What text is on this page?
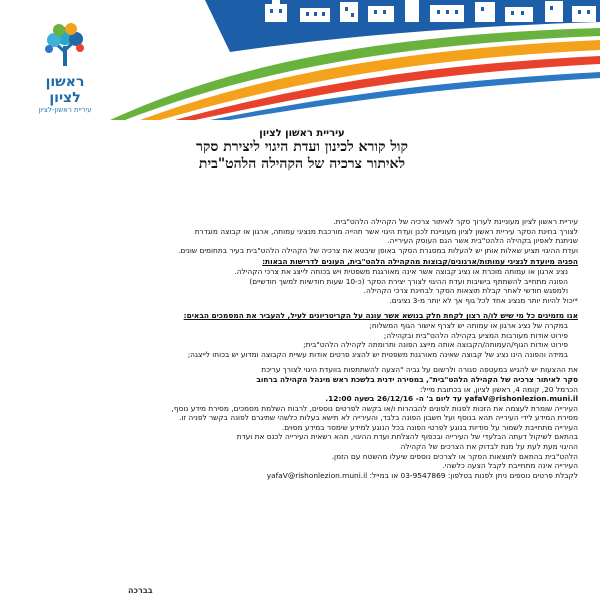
ראשון לציון
עיריית ראשון-לציון
עיריית ראשון לציון
קול קורא לכינון ועדת היגוי ליצירת סקר
לאיתור צרכיה של הקהילה הלהט"בית

עיריית ראשון לציון מעוניינת לערוך סקר לאיתור צרכיה של הקהילה הלהט"בית.

לצורך בחינת הסקר עיריית ראשון לציון מעוניינת לכנן ועדת היגוי אשר תהייה מורכבת מנציגי עמותה, ארגון או קבוצה מוגדרת

שניתנת לאפיון בקהילה הלהט"בית אשר הגם העוסק העירייה.

ועדת ההיגוי תציע שאלות אותן יש להעלות במסגרת הסקר באופן שיבטא את צרכיה של הקהילה הלהט"בית בעיר בתחומים שונים.

הפניה מיועדת לנציגי עמותות/ארגונים/קבוצות מהקהילה הלהט"בית, העונים לדרישות הבאות:

• נציג ארגון או עמותה מוכרת או נציג קבוצה אשר אינה מאורגנת משפטית ויש בכוחה לייצג את צרכי הקהילה.
• הפונה מתחייב להשתתף בישיבות ועדת ההיגוי לצורך יצירת הסקר (כ-10 שעות חודשיות למשך חודשיים)
• ולמפגש חודשי לאחר קבלת תוצאות הסקר לבחינת צרכי הקהילה.

*יכול להיות יותר מנציג אחד לכל גוף אך לא יותר מ-3 נציגים.

אנו מזמינים כל מי שיש לו/ה רצון לקחת חלק בנושא אשר עונה על הקריטריונים לעיל, להעביר את המסמכים הבאים:

• במקרה של נציג ארגון או עמותה יש לצרף אישור הגוף המשלוח;
• פירוט אודות מעורבות המציע בקהילה הלהט"בית ובקהילה;
• פירוט אודות הגוף/העמותה/הקבוצה אותה מייצג הפונה ותרומתה לקהילה הלהט"בית;
• במידה והפונה הינו נציג של קבוצה שאינה מאורגנת משפטית יש להציג פרטים אודות עשיית הקבוצה ומדוע יש בכוחו לייצגה;

את ההצעות יש להגיש במעטפה סגורה ולרשום על גביה "הצעה להשתתפות בוועדת היגוי לצורך עריכת

סקר לאיתור צרכיה של הקהילה הלהט"בית", במסירה ידנית בלשכת ראש מינהל הקהילה ברחוב

הכרמל 20, קומה 4, ראשון לציון, או בכתובת מייל:

yafaV@rishonlezion.muni.il עד ליום ב' ה- 26/12/16 בשעה 12:00.

העירייה שומרת לעצמה את הזכות לפנות לפונים להבהרות ו/או בקשה לפרטים נוספים, לרבות השלמת מסמכים, מסירת מידע נוסף,

מסירת המידע לידי העירייה תהא בנוסף ועל חשבון הפונה בלבד, והעירייה לא תישא בעלות כלשהי שתיגרם לפונה בקשר לפניה זו.

העירייה מתחייבת לשמור על סודיות בנוגע לפרטי הפונה בכל הנוגע למידע שימסר במידע מסוים.

בהתאם לשיקול דעתה הבלעדי של העירייה ובכפוף להצלחת ועדת ההיגוי, תהא רשאית העירייה לכנס את ועדת

ההיגוי מעת לעת על מנת לבדוק את הצרכים של הקהילה

הלהט"בית בהתאם לתוצאות הסקר או לצרכים נוספים שיעלו מהשטח עם הזמן.

העירייה אינה מתחייבת לקבל הצעה כלשהי.

לקבלת פרטים נוספים ניתן לפנות בטלפון: 03-9547869 או במייל: yafaV@rishonlezion.muni.il

בברכה
